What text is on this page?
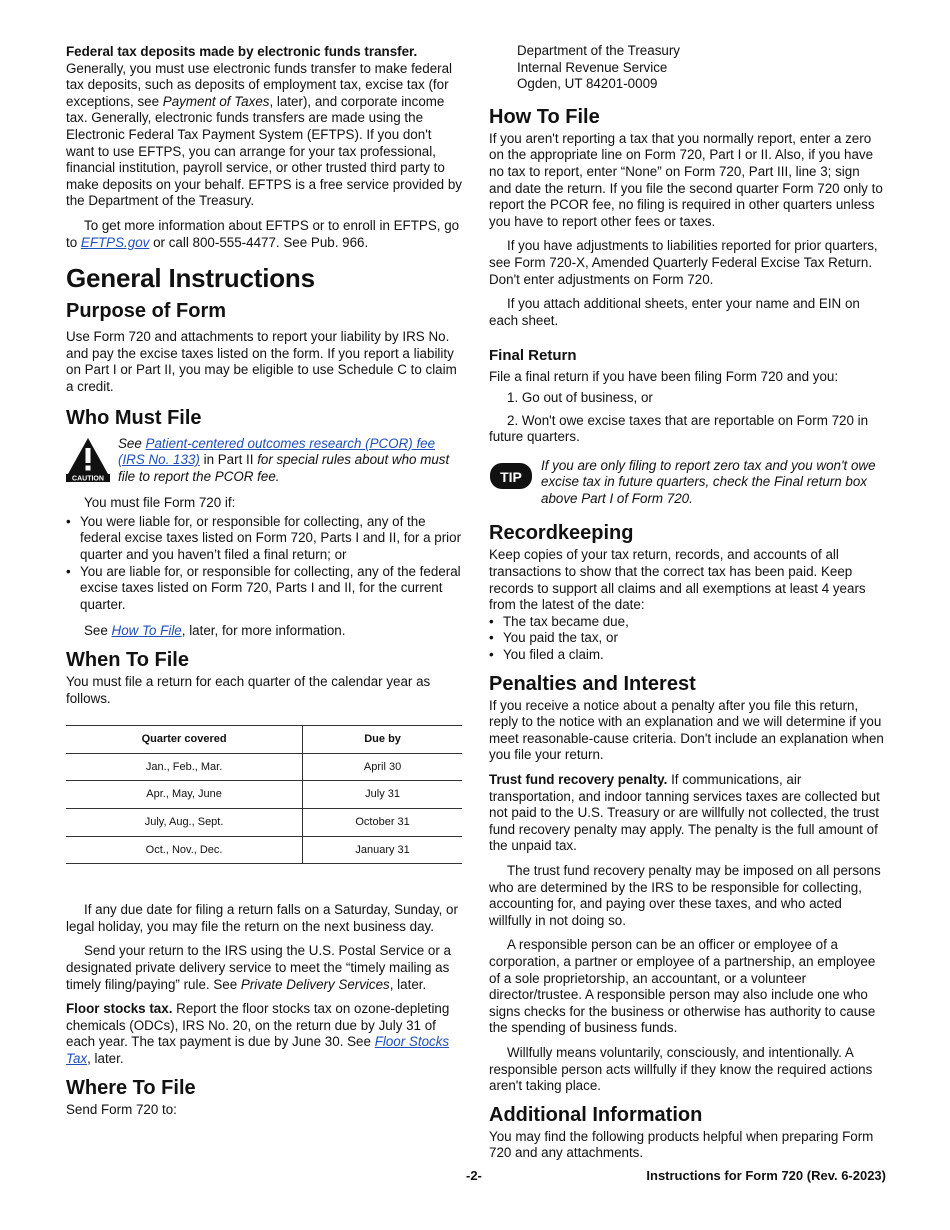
Federal tax deposits made by electronic funds transfer. Generally, you must use electronic funds transfer to make federal tax deposits, such as deposits of employment tax, excise tax (for exceptions, see Payment of Taxes, later), and corporate income tax. Generally, electronic funds transfers are made using the Electronic Federal Tax Payment System (EFTPS). If you don't want to use EFTPS, you can arrange for your tax professional, financial institution, payroll service, or other trusted third party to make deposits on your behalf. EFTPS is a free service provided by the Department of the Treasury.

To get more information about EFTPS or to enroll in EFTPS, go to EFTPS.gov or call 800-555-4477. See Pub. 966.

General Instructions
Purpose of Form

Use Form 720 and attachments to report your liability by IRS No. and pay the excise taxes listed on the form. If you report a liability on Part I or Part II, you may be eligible to use Schedule C to claim a credit.

Who Must File
CAUTION
See Patient-centered outcomes research (PCOR) fee (IRS No. 133) in Part II for special rules about who must file to report the PCOR fee.

You must file Form 720 if:

• You were liable for, or responsible for collecting, any of the federal excise taxes listed on Form 720, Parts I and II, for a prior quarter and you haven’t filed a final return; or
• You are liable for, or responsible for collecting, any of the federal excise taxes listed on Form 720, Parts I and II, for the current quarter.

See How To File, later, for more information.

When To File

You must file a return for each quarter of the calendar year as follows.

Quarter covered	Due by
Jan., Feb., Mar.	April 30
Apr., May, June	July 31
July, Aug., Sept.	October 31
Oct., Nov., Dec.	January 31

If any due date for filing a return falls on a Saturday, Sunday, or legal holiday, you may file the return on the next business day.

Send your return to the IRS using the U.S. Postal Service or a designated private delivery service to meet the “timely mailing as timely filing/paying” rule. See Private Delivery Services, later.

Floor stocks tax. Report the floor stocks tax on ozone-depleting chemicals (ODCs), IRS No. 20, on the return due by July 31 of each year. The tax payment is due by June 30. See Floor Stocks Tax, later.

Where To File

Send Form 720 to:

Department of the Treasury
Internal Revenue Service
Ogden, UT 84201-0009
How To File

If you aren't reporting a tax that you normally report, enter a zero on the appropriate line on Form 720, Part I or II. Also, if you have no tax to report, enter “None” on Form 720, Part III, line 3; sign and date the return. If you file the second quarter Form 720 only to report the PCOR fee, no filing is required in other quarters unless you have to report other fees or taxes.

If you have adjustments to liabilities reported for prior quarters, see Form 720-X, Amended Quarterly Federal Excise Tax Return. Don't enter adjustments on Form 720.

If you attach additional sheets, enter your name and EIN on each sheet.

Final Return

File a final return if you have been filing Form 720 and you:

1. Go out of business, or
2. Won't owe excise taxes that are reportable on Form 720 in future quarters.
TIP
If you are only filing to report zero tax and you won't owe excise tax in future quarters, check the Final return box above Part I of Form 720.
Recordkeeping

Keep copies of your tax return, records, and accounts of all transactions to show that the correct tax has been paid. Keep records to support all claims and all exemptions at least 4 years from the latest of the date:

• The tax became due,
• You paid the tax, or
• You filed a claim.
Penalties and Interest

If you receive a notice about a penalty after you file this return, reply to the notice with an explanation and we will determine if you meet reasonable-cause criteria. Don't include an explanation when you file your return.

Trust fund recovery penalty. If communications, air transportation, and indoor tanning services taxes are collected but not paid to the U.S. Treasury or are willfully not collected, the trust fund recovery penalty may apply. The penalty is the full amount of the unpaid tax.

The trust fund recovery penalty may be imposed on all persons who are determined by the IRS to be responsible for collecting, accounting for, and paying over these taxes, and who acted willfully in not doing so.

A responsible person can be an officer or employee of a corporation, a partner or employee of a partnership, an employee of a sole proprietorship, an accountant, or a volunteer director/trustee. A responsible person may also include one who signs checks for the business or otherwise has authority to cause the spending of business funds.

Willfully means voluntarily, consciously, and intentionally. A responsible person acts willfully if they know the required actions aren't taking place.

Additional Information

You may find the following products helpful when preparing Form 720 and any attachments.

-2-	Instructions for Form 720 (Rev. 6-2023)
